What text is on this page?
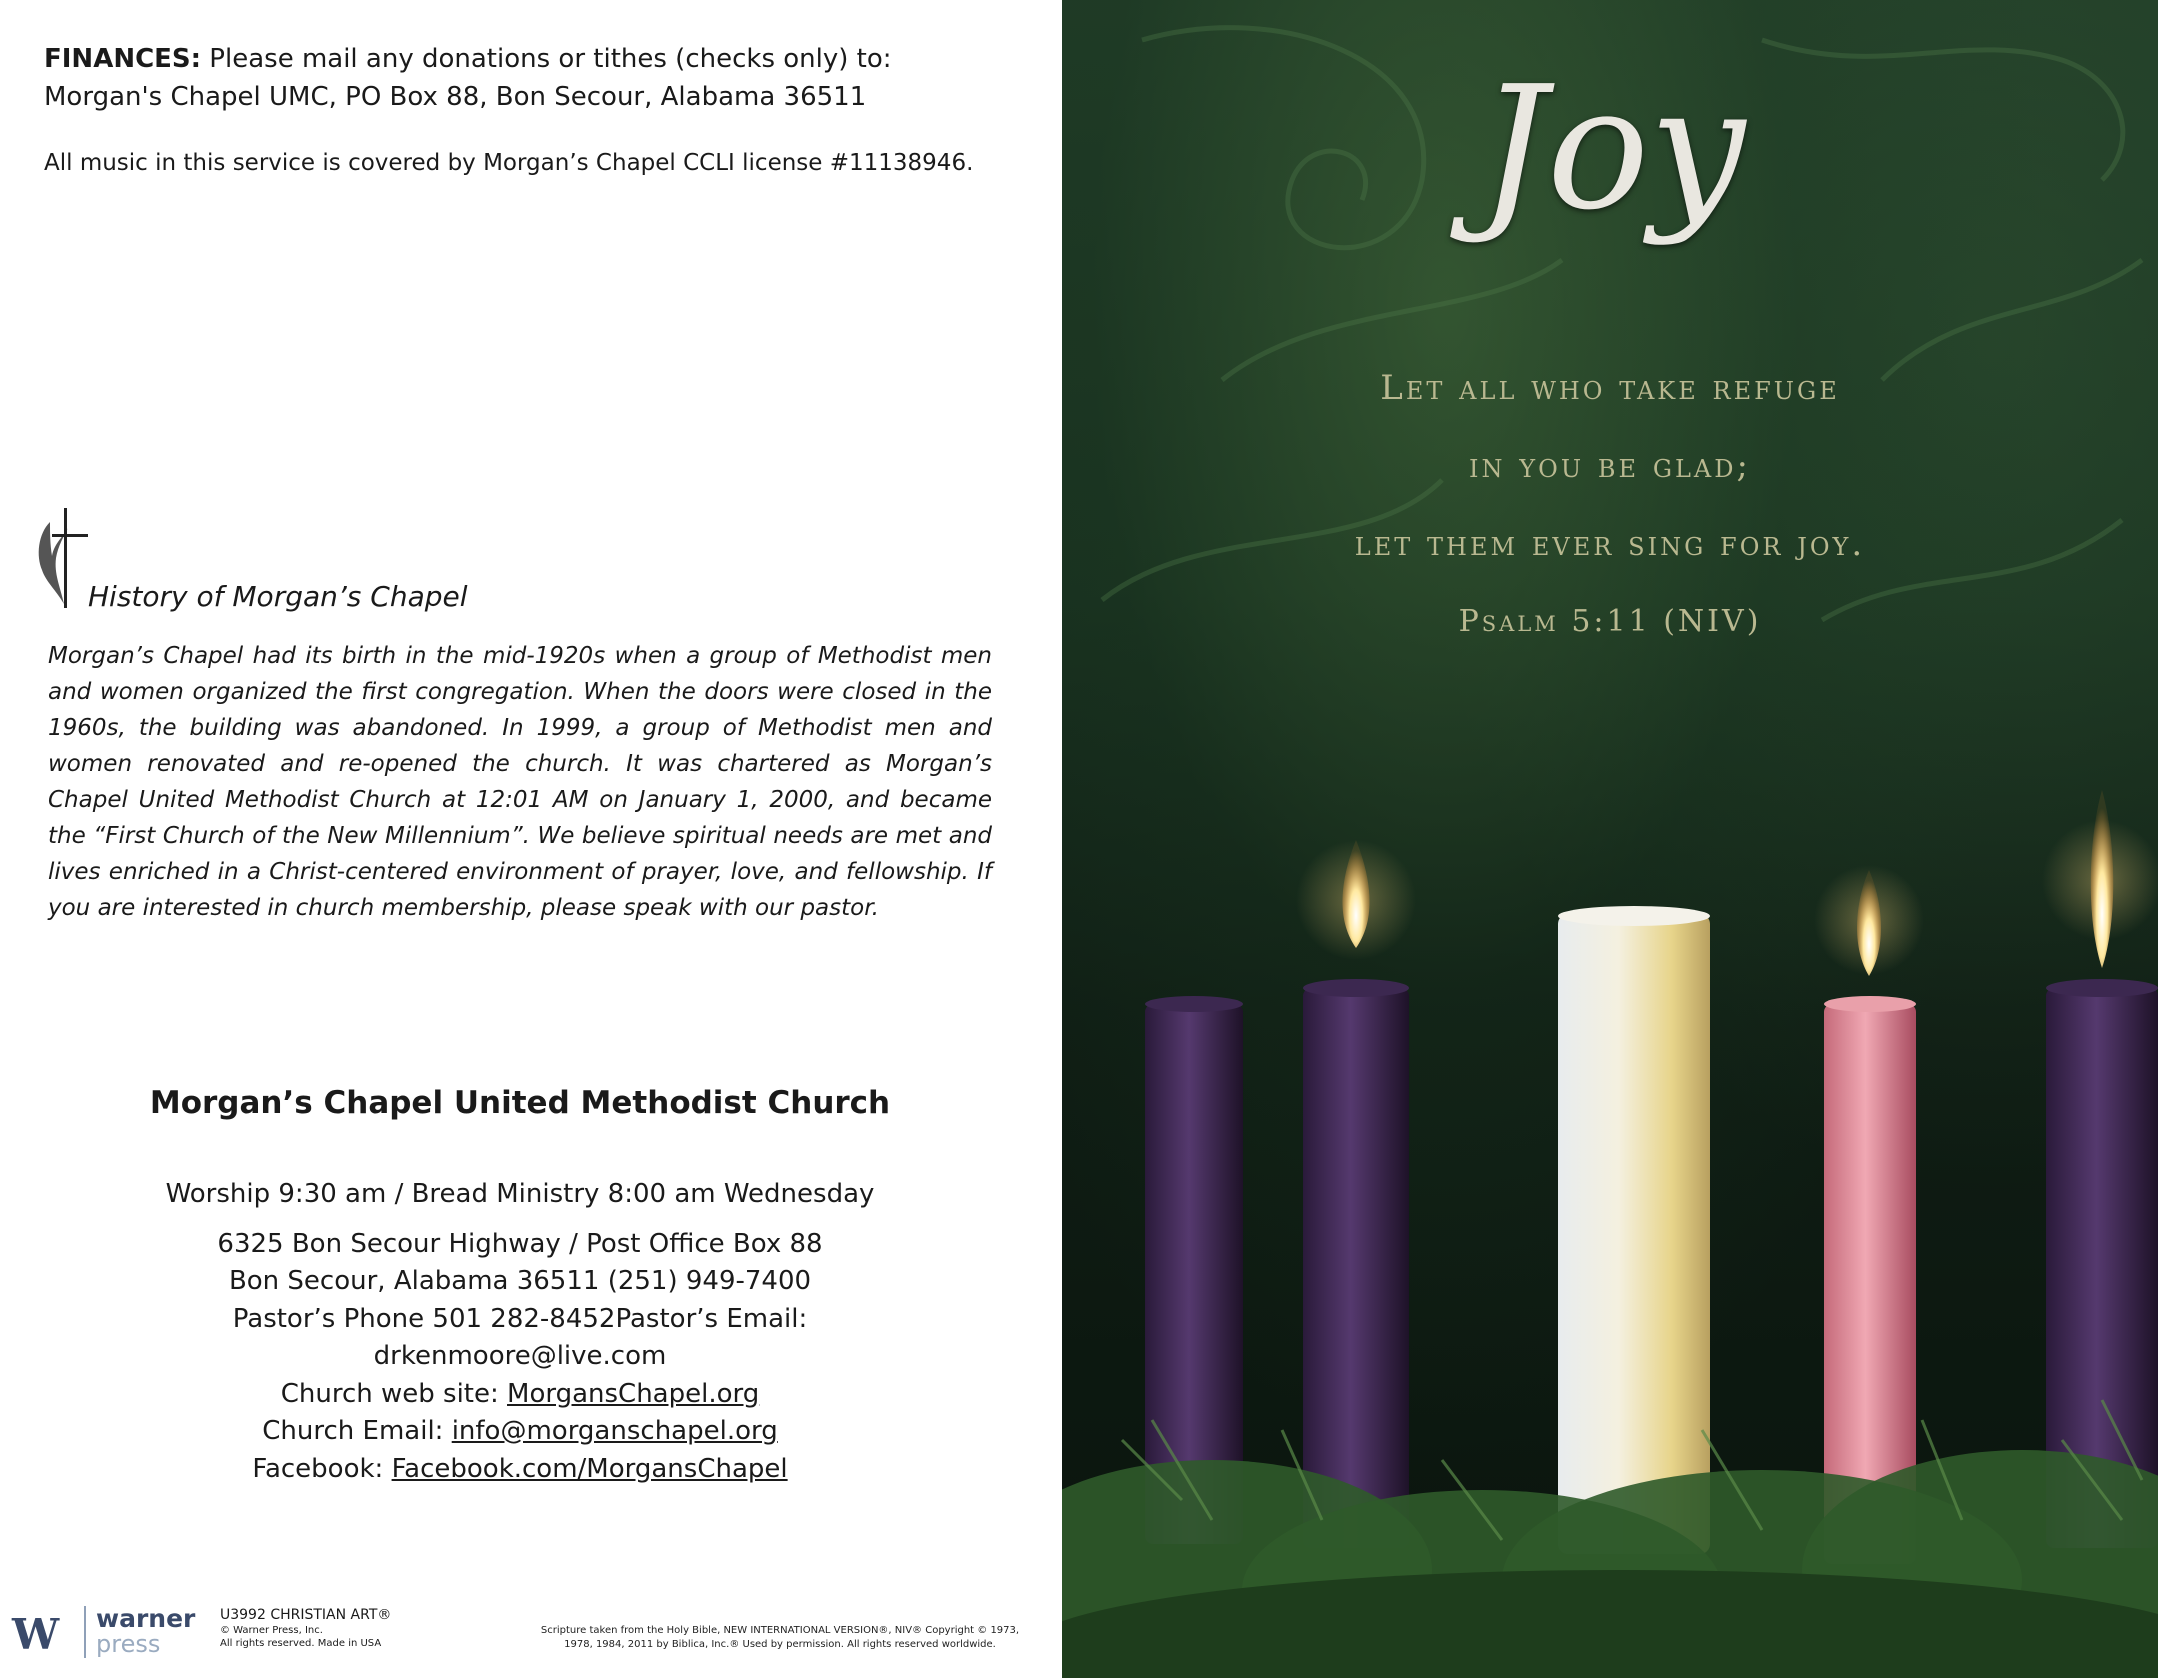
FINANCES: Please mail any donations or tithes (checks only) to: Morgan's Chapel UMC, PO Box 88, Bon Secour, Alabama 36511
All music in this service is covered by Morgan’s Chapel CCLI license #11138946.
History of Morgan’s Chapel
Morgan’s Chapel had its birth in the mid-1920s when a group of Methodist men and women organized the first congregation. When the doors were closed in the 1960s, the building was abandoned. In 1999, a group of Methodist men and women renovated and re-opened the church. It was chartered as Morgan’s Chapel United Methodist Church at 12:01 AM on January 1, 2000, and became the “First Church of the New Millennium”. We believe spiritual needs are met and lives enriched in a Christ-centered environment of prayer, love, and fellowship. If you are interested in church membership, please speak with our pastor.
Morgan’s Chapel United Methodist Church
Worship 9:30 am / Bread Ministry 8:00 am Wednesday
6325 Bon Secour Highway / Post Office Box 88
Bon Secour, Alabama 36511 (251) 949-7400
Pastor’s Phone 501 282-8452Pastor’s Email:
drkenmoore@live.com
Church web site: MorgansChapel.org
Church Email: info@morganschapel.org
Facebook: Facebook.com/MorgansChapel
W warner
press
U3992 CHRISTIAN ART®
© Warner Press, Inc.
All rights reserved. Made in USA
Scripture taken from the Holy Bible, NEW INTERNATIONAL VERSION®, NIV® Copyright © 1973,
1978, 1984, 2011 by Biblica, Inc.® Used by permission. All rights reserved worldwide.
Joy
Let all who take refuge
in you be glad;
let them ever sing for joy.
Psalm 5:11 (NIV)
